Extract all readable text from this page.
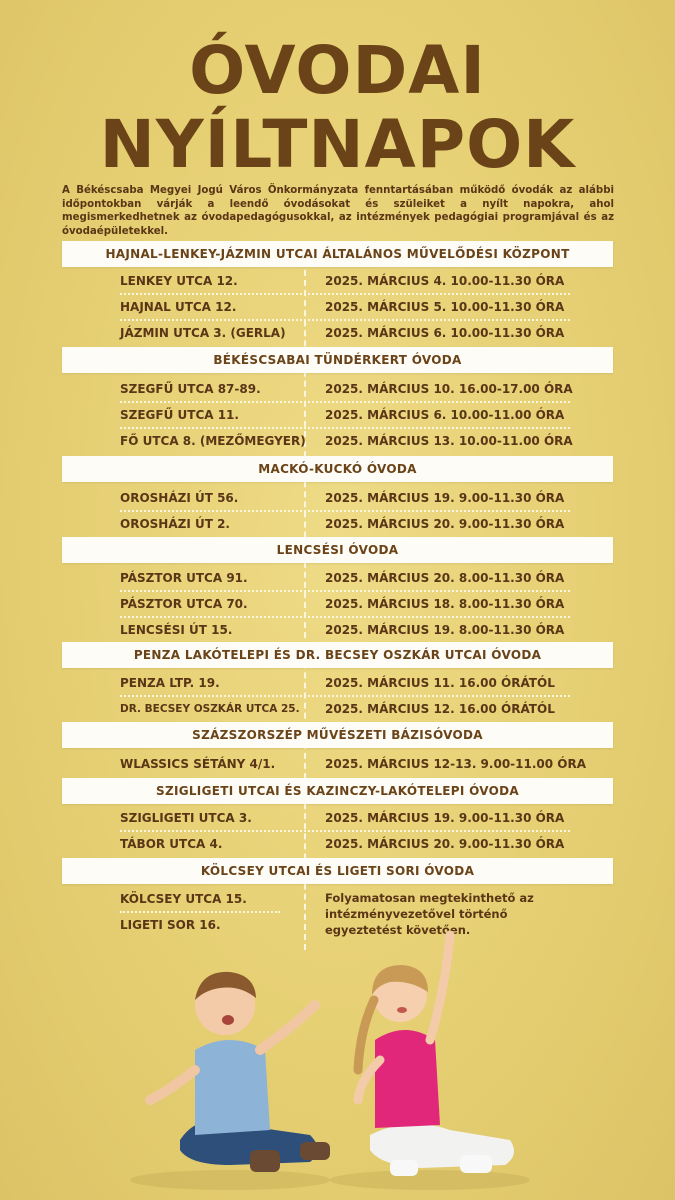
ÓVODAI
NYÍLTNAPOK
A Békéscsaba Megyei Jogú Város Önkormányzata fenntartásában működő óvodák az alábbi időpontokban várják a leendő óvodásokat és szüleiket a nyílt napokra, ahol megismerkedhetnek az óvodapedagógusokkal, az intézmények pedagógiai programjával és az óvodaépületekkel.
HAJNAL-LENKEY-JÁZMIN UTCAI ÁLTALÁNOS MŰVELŐDÉSI KÖZPONT
LENKEY UTCA 12.	2025. MÁRCIUS 4. 10.00-11.30 ÓRA
HAJNAL UTCA 12.	2025. MÁRCIUS 5. 10.00-11.30 ÓRA
JÁZMIN UTCA 3. (GERLA)	2025. MÁRCIUS 6. 10.00-11.30 ÓRA
BÉKÉSCSABAI TÜNDÉRKERT ÓVODA
SZEGFŰ UTCA 87-89.	2025. MÁRCIUS 10. 16.00-17.00 ÓRA
SZEGFŰ UTCA 11.	2025. MÁRCIUS 6. 10.00-11.00 ÓRA
FŐ UTCA 8. (MEZŐMEGYER) 2025. MÁRCIUS 13. 10.00-11.00 ÓRA
MACKÓ-KUCKÓ ÓVODA
OROSHÁZI ÚT 56.	2025. MÁRCIUS 19. 9.00-11.30 ÓRA
OROSHÁZI ÚT 2.	2025. MÁRCIUS 20. 9.00-11.30 ÓRA
LENCSÉSI ÓVODA
PÁSZTOR UTCA 91.	2025. MÁRCIUS 20. 8.00-11.30 ÓRA
PÁSZTOR UTCA 70.	2025. MÁRCIUS 18. 8.00-11.30 ÓRA
LENCSÉSI ÚT 15.	2025. MÁRCIUS 19. 8.00-11.30 ÓRA
PENZA LAKÓTELEPI ÉS DR. BECSEY OSZKÁR UTCAI ÓVODA
PENZA LTP. 19.	2025. MÁRCIUS 11. 16.00 ÓRÁTÓL
DR. BECSEY OSZKÁR UTCA 25. 2025. MÁRCIUS 12. 16.00 ÓRÁTÓL
SZÁZSZORSZÉP MŰVÉSZETI BÁZISÓVODA
WLASSICS SÉTÁNY 4/1.	2025. MÁRCIUS 12-13. 9.00-11.00 ÓRA
SZIGLIGETI UTCAI ÉS KAZINCZY-LAKÓTELEPI ÓVODA
SZIGLIGETI UTCA 3.	2025. MÁRCIUS 19. 9.00-11.30 ÓRA
TÁBOR UTCA 4.	2025. MÁRCIUS 20. 9.00-11.30 ÓRA
KÖLCSEY UTCAI ÉS LIGETI SORI ÓVODA
KÖLCSEY UTCA 15.
LIGETI SOR 16.
Folyamatosan megtekinthető az intézményvezetővel történő egyeztetést követően.
